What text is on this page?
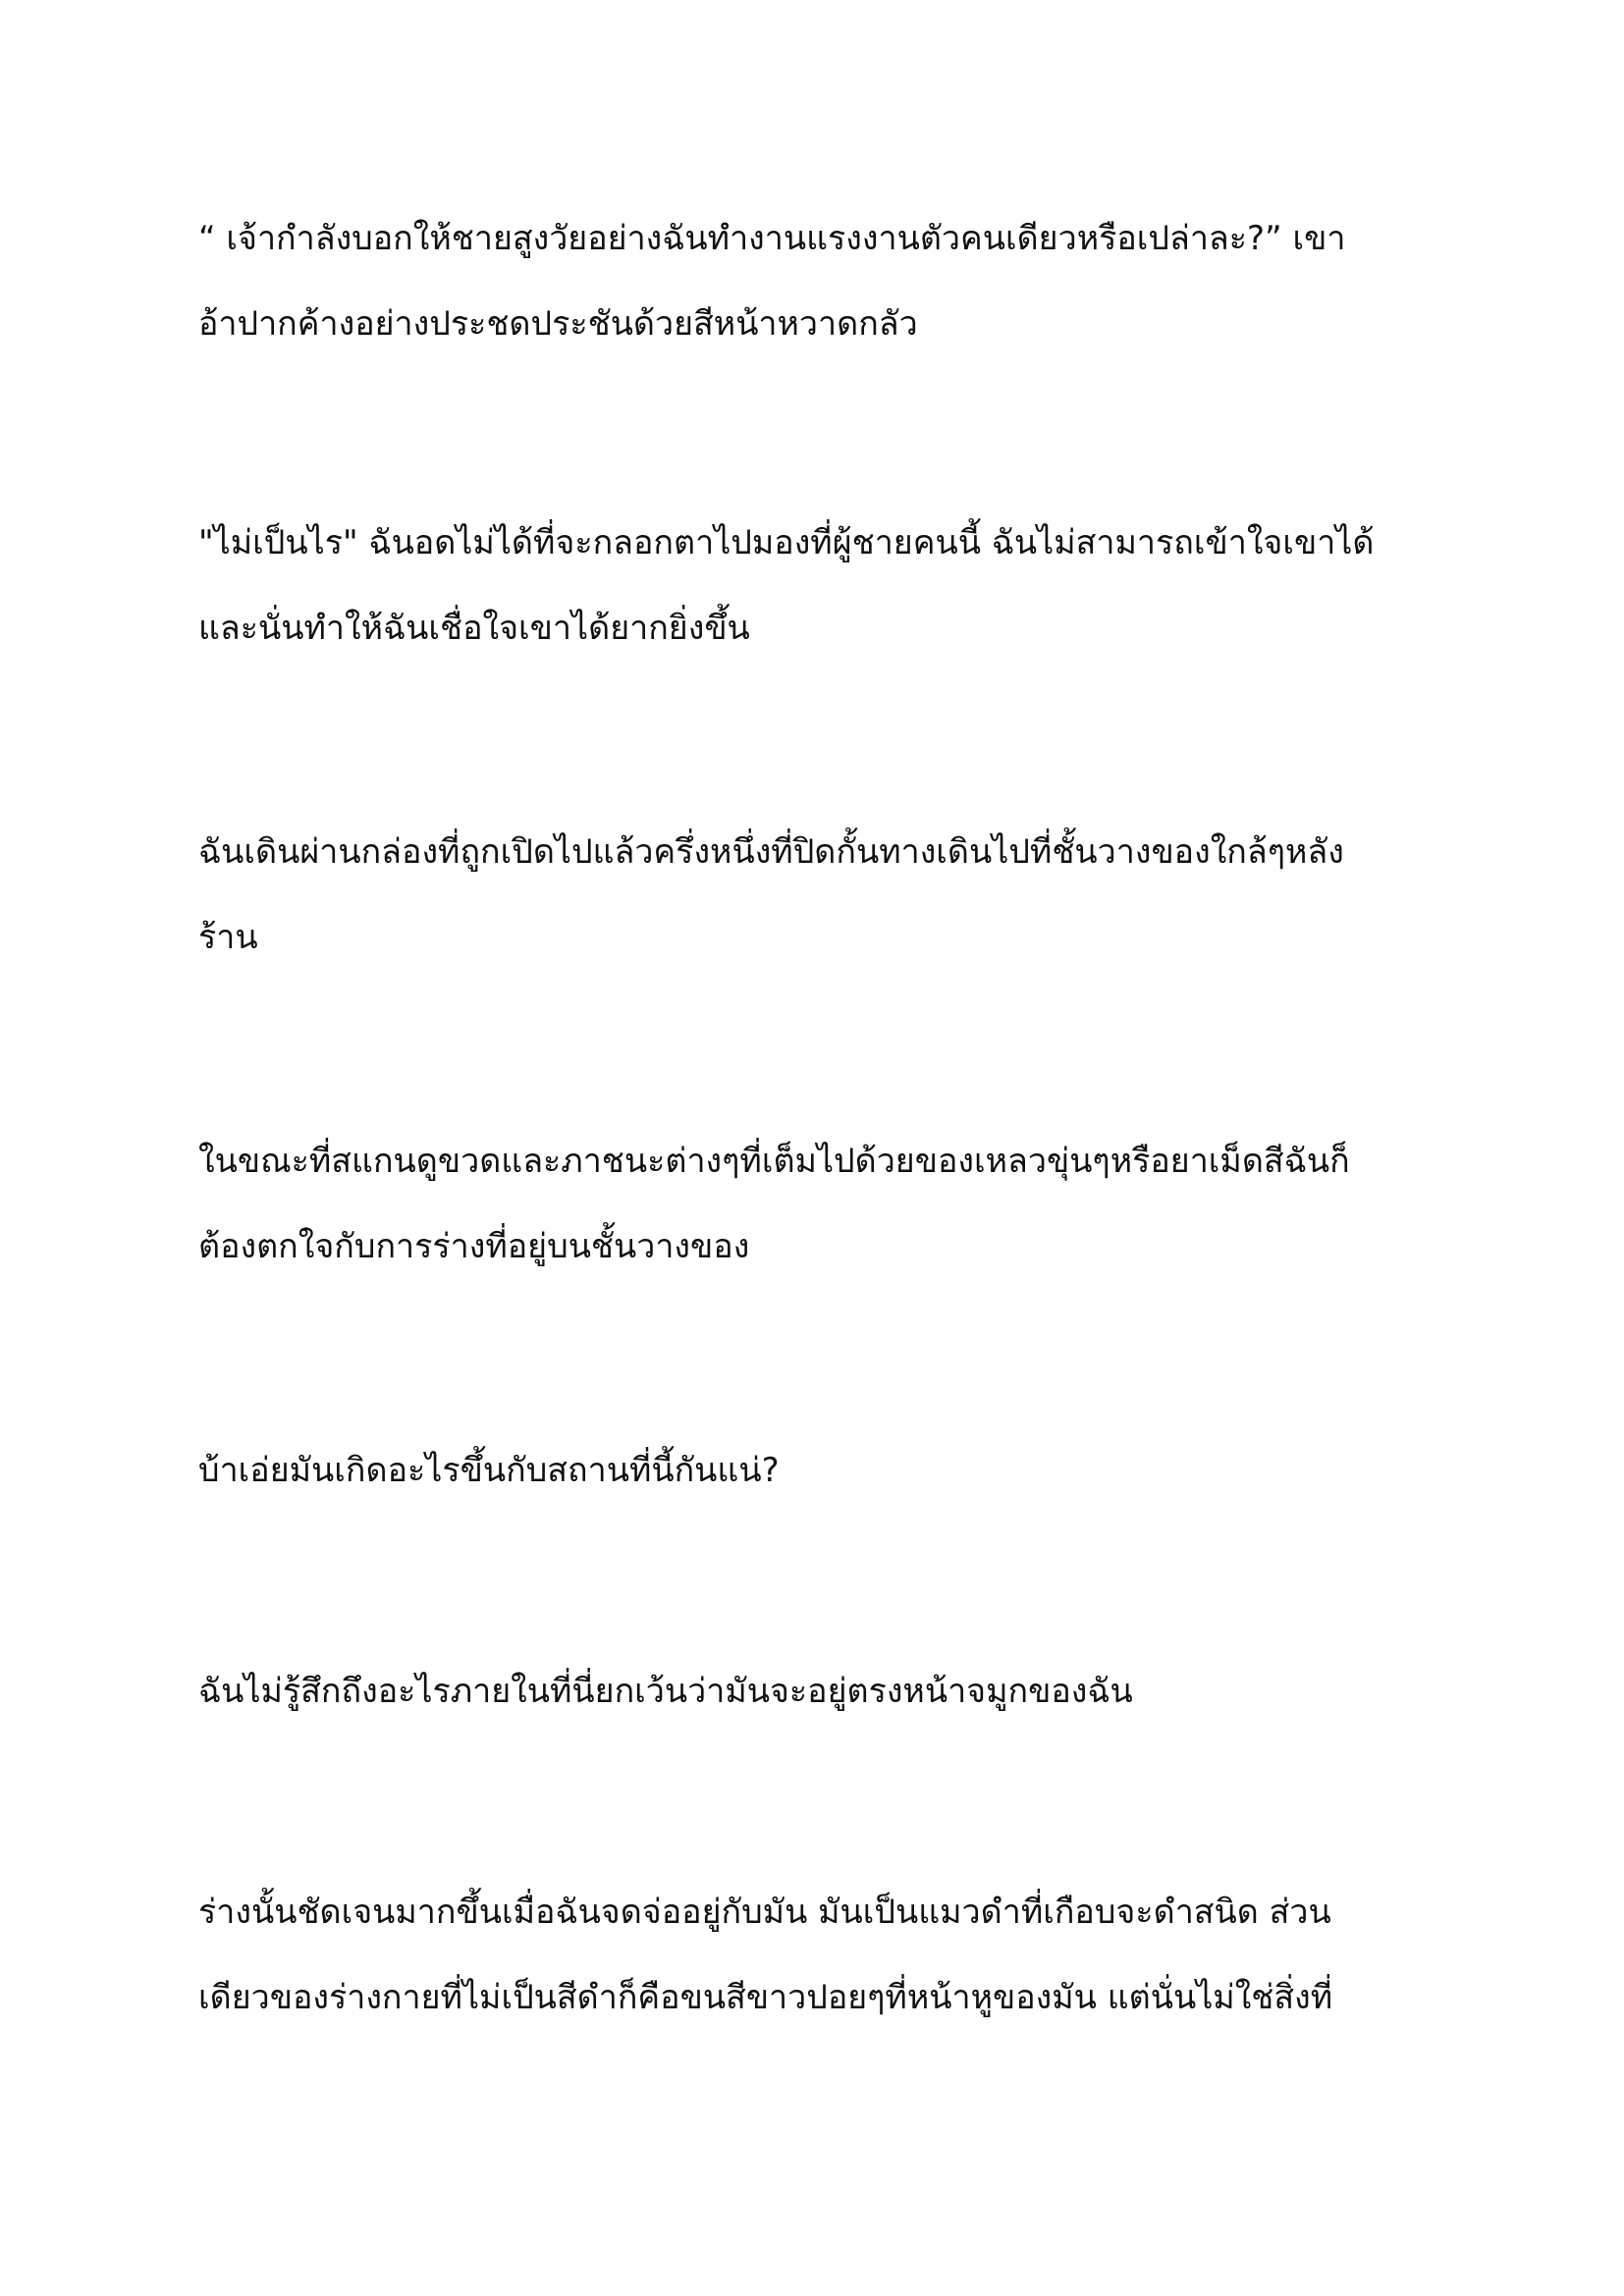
“ เจ้ากำลังบอกให้ชายสูงวัยอย่างฉันทำงานแรงงานตัวคนเดียวหรือเปล่าละ?” เขา
อ้าปากค้างอย่างประชดประชันด้วยสีหน้าหวาดกลัว

"ไม่เป็นไร" ฉันอดไม่ได้ที่จะกลอกตาไปมองที่ผู้ชายคนนี้ ฉันไม่สามารถเข้าใจเขาได้
และนั่นทำให้ฉันเชื่อใจเขาได้ยากยิ่งขึ้น

ฉันเดินผ่านกล่องที่ถูกเปิดไปแล้วครึ่งหนึ่งที่ปิดกั้นทางเดินไปที่ชั้นวางของใกล้ๆหลัง
ร้าน

ในขณะที่สแกนดูขวดและภาชนะต่างๆที่เต็มไปด้วยของเหลวขุ่นๆหรือยาเม็ดสีฉันก็
ต้องตกใจกับการร่างที่อยู่บนชั้นวางของ

บ้าเอ่ยมันเกิดอะไรขึ้นกับสถานที่นี้กันแน่?

ฉันไม่รู้สึกถึงอะไรภายในที่นี่ยกเว้นว่ามันจะอยู่ตรงหน้าจมูกของฉัน

ร่างนั้นชัดเจนมากขึ้นเมื่อฉันจดจ่ออยู่กับมัน มันเป็นแมวดำที่เกือบจะดำสนิด ส่วน
เดียวของร่างกายที่ไม่เป็นสีดำก็คือขนสีขาวปอยๆที่หน้าหูของมัน แต่นั่นไม่ใช่สิ่งที่
